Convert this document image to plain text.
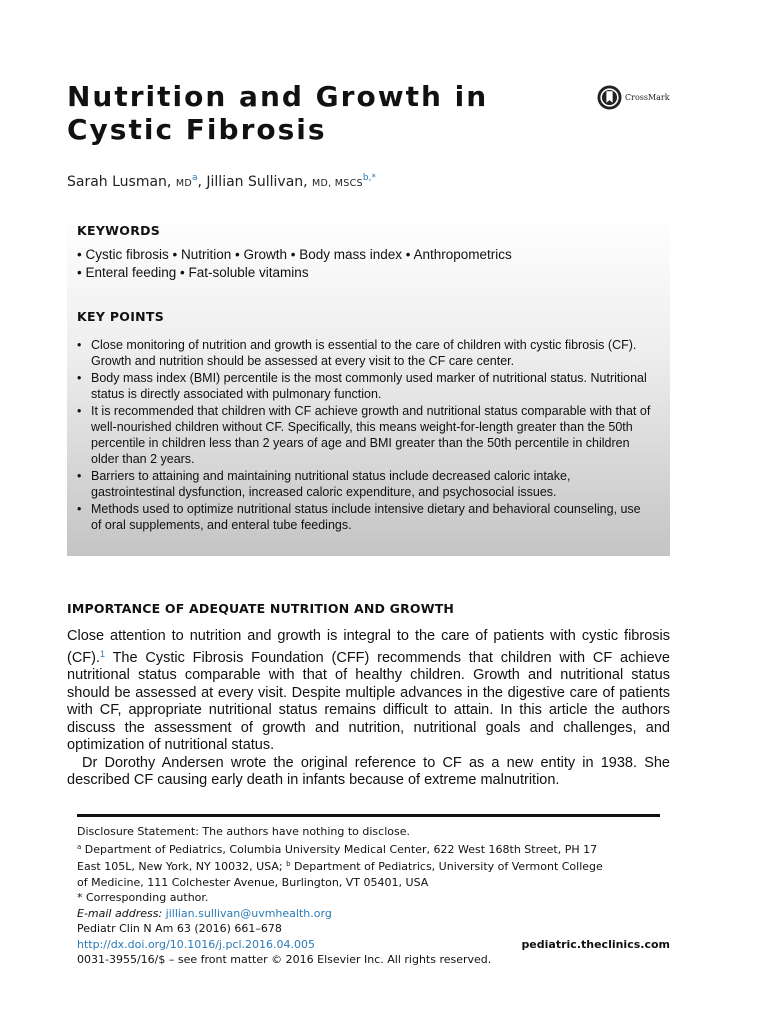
Nutrition and Growth in
Cystic Fibrosis
CrossMark
Sarah Lusman, $MD^a$, Jillian Sullivan, MD, $MSCS^{b,*}$
KEYWORDS
• Cystic fibrosis • Nutrition • Growth • Body mass index • Anthropometrics
• Enteral feeding • Fat-soluble vitamins
KEY POINTS
• Close monitoring of nutrition and growth is essential to the care of children with cystic fibrosis (CF). Growth and nutrition should be assessed at every visit to the CF care center.
• Body mass index (BMI) percentile is the most commonly used marker of nutritional status. Nutritional status is directly associated with pulmonary function.
• It is recommended that children with CF achieve growth and nutritional status comparable with that of well-nourished children without CF. Specifically, this means weight-for-length greater than the 50th percentile in children less than 2 years of age and BMI greater than the 50th percentile in children older than 2 years.
• Barriers to attaining and maintaining nutritional status include decreased caloric intake, gastrointestinal dysfunction, increased caloric expenditure, and psychosocial issues.
• Methods used to optimize nutritional status include intensive dietary and behavioral counseling, use of oral supplements, and enteral tube feedings.
IMPORTANCE OF ADEQUATE NUTRITION AND GROWTH

Close attention to nutrition and growth is integral to the care of patients with cystic fibrosis (CF).$^1$ The Cystic Fibrosis Foundation (CFF) recommends that children with CF achieve nutritional status comparable with that of healthy children. Growth and nutritional status should be assessed at every visit. Despite multiple advances in the digestive care of patients with CF, appropriate nutritional status remains difficult to attain. In this article the authors discuss the assessment of growth and nutrition, nutritional goals and challenges, and optimization of nutritional status.

Dr Dorothy Andersen wrote the original reference to CF as a new entity in 1938. She described CF causing early death in infants because of extreme malnutrition.

Disclosure Statement: The authors have nothing to disclose.
$^a$ Department of Pediatrics, Columbia University Medical Center, 622 West 168th Street, PH 17
East 105L, New York, NY 10032, USA; $^b$ Department of Pediatrics, University of Vermont College
of Medicine, 111 Colchester Avenue, Burlington, VT 05401, USA
* Corresponding author.
E-mail address: jillian.sullivan@uvmhealth.org
Pediatr Clin N Am 63 (2016) 661–678
http://dx.doi.org/10.1016/j.pcl.2016.04.005	pediatric.theclinics.com
0031-3955/16/$ – see front matter © 2016 Elsevier Inc. All rights reserved.
